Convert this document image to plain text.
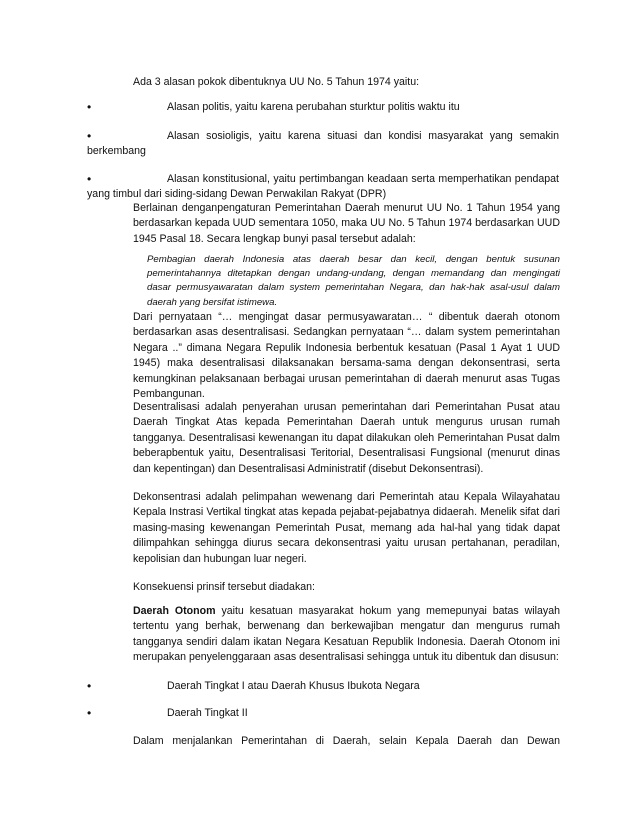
Ada 3 alasan pokok dibentuknya UU No. 5 Tahun 1974 yaitu:

•	Alasan politis, yaitu karena perubahan sturktur politis waktu itu
•	Alasan sosioligis, yaitu karena situasi dan kondisi masyarakat yang semakin berkembang
•	Alasan konstitusional, yaitu pertimbangan keadaan serta memperhatikan pendapat yang timbul dari siding-sidang Dewan Perwakilan Rakyat (DPR)

Berlainan denganpengaturan Pemerintahan Daerah menurut UU No. 1 Tahun 1954 yang berdasarkan kepada UUD sementara 1050, maka UU No. 5 Tahun 1974 berdasarkan UUD 1945 Pasal 18. Secara lengkap bunyi pasal tersebut adalah:

Pembagian daerah Indonesia atas daerah besar dan kecil, dengan bentuk susunan pemerintahannya ditetapkan dengan undang-undang, dengan memandang dan mengingati dasar permusyawaratan dalam system pemerintahan Negara, dan hak-hak asal-usul dalam daerah yang bersifat istimewa.

Dari pernyataan “… mengingat dasar permusyawaratan… “ dibentuk daerah otonom berdasarkan asas desentralisasi. Sedangkan pernyataan “… dalam system pemerintahan Negara ..” dimana Negara Repulik Indonesia berbentuk kesatuan (Pasal 1 Ayat 1 UUD 1945) maka desentralisasi dilaksanakan bersama-sama dengan dekonsentrasi, serta kemungkinan pelaksanaan berbagai urusan pemerintahan di daerah menurut asas Tugas Pembangunan.

Desentralisasi adalah penyerahan urusan pemerintahan dari Pemerintahan Pusat atau Daerah Tingkat Atas kepada Pemerintahan Daerah untuk mengurus urusan rumah tangganya. Desentralisasi kewenangan itu dapat dilakukan oleh Pemerintahan Pusat dalm beberapbentuk yaitu, Desentralisasi Teritorial, Desentralisasi Fungsional (menurut dinas dan kepentingan) dan Desentralisasi Administratif (disebut Dekonsentrasi).

Dekonsentrasi adalah pelimpahan wewenang dari Pemerintah atau Kepala Wilayahatau Kepala Instrasi Vertikal tingkat atas kepada pejabat-pejabatnya didaerah. Menelik sifat dari masing-masing kewenangan Pemerintah Pusat, memang ada hal-hal yang tidak dapat dilimpahkan sehingga diurus secara dekonsentrasi yaitu urusan pertahanan, peradilan, kepolisian dan hubungan luar negeri.

Konsekuensi prinsif tersebut diadakan:

Daerah Otonom yaitu kesatuan masyarakat hokum yang memepunyai batas wilayah tertentu yang berhak, berwenang dan berkewajiban mengatur dan mengurus rumah tangganya sendiri dalam ikatan Negara Kesatuan Republik Indonesia. Daerah Otonom ini merupakan penyelenggaraan asas desentralisasi sehingga untuk itu dibentuk dan disusun:

•	Daerah Tingkat I atau Daerah Khusus Ibukota Negara
•	Daerah Tingkat II

Dalam menjalankan Pemerintahan di Daerah, selain Kepala Daerah dan Dewan
